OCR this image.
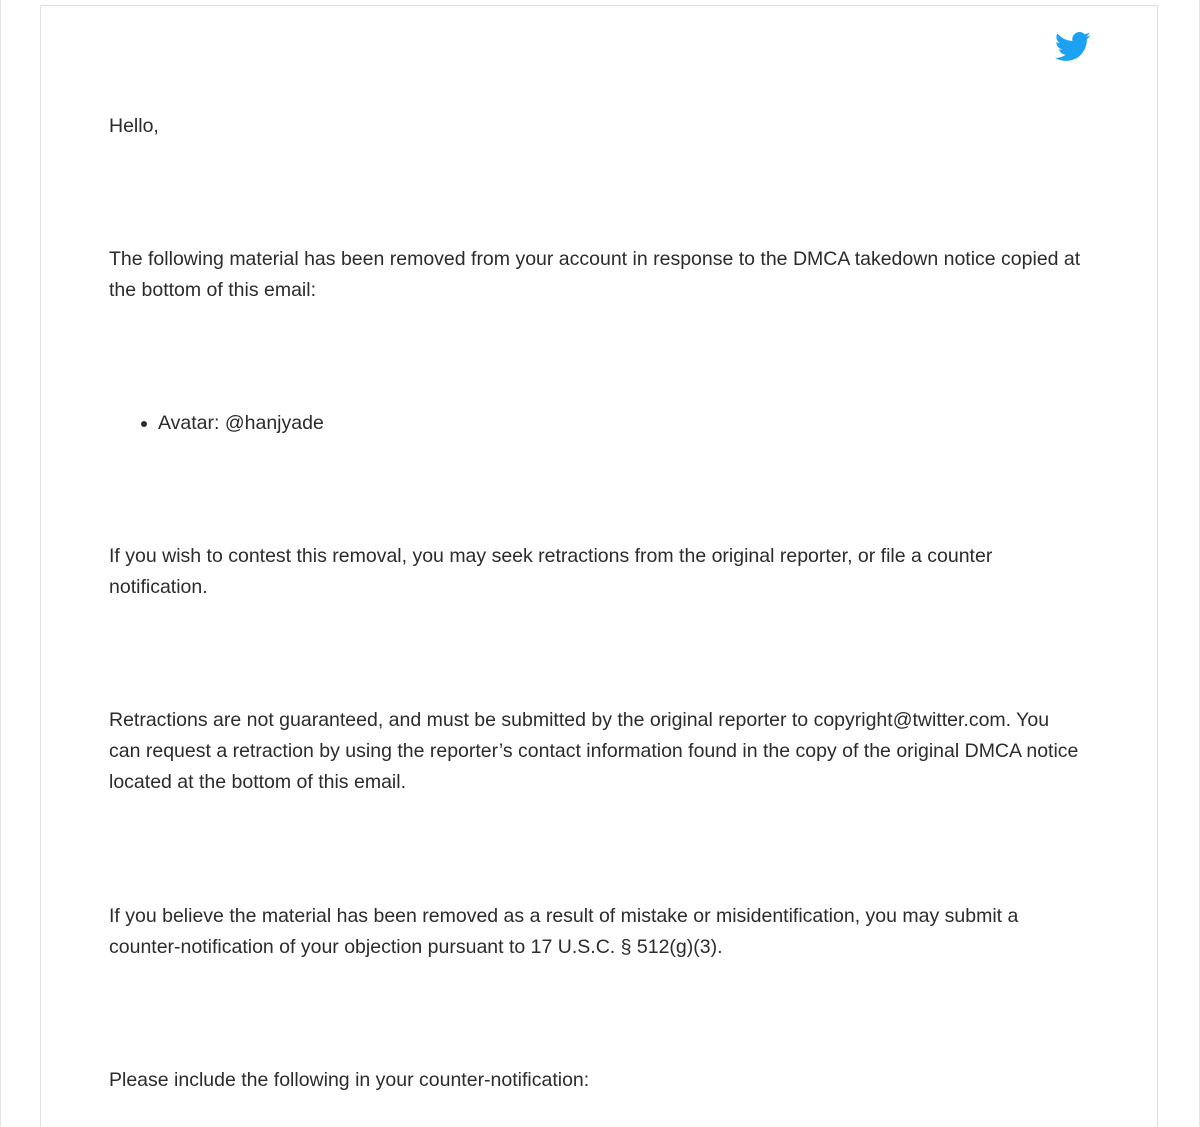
Hello,

The following material has been removed from your account in response to the DMCA takedown notice copied at the bottom of this email:

Avatar: @hanjyade

If you wish to contest this removal, you may seek retractions from the original reporter, or file a counter notification.

Retractions are not guaranteed, and must be submitted by the original reporter to copyright@twitter.com. You can request a retraction by using the reporter’s contact information found in the copy of the original DMCA notice located at the bottom of this email.

If you believe the material has been removed as a result of mistake or misidentification, you may submit a counter-notification of your objection pursuant to 17 U.S.C. § 512(g)(3).

Please include the following in your counter-notification:
